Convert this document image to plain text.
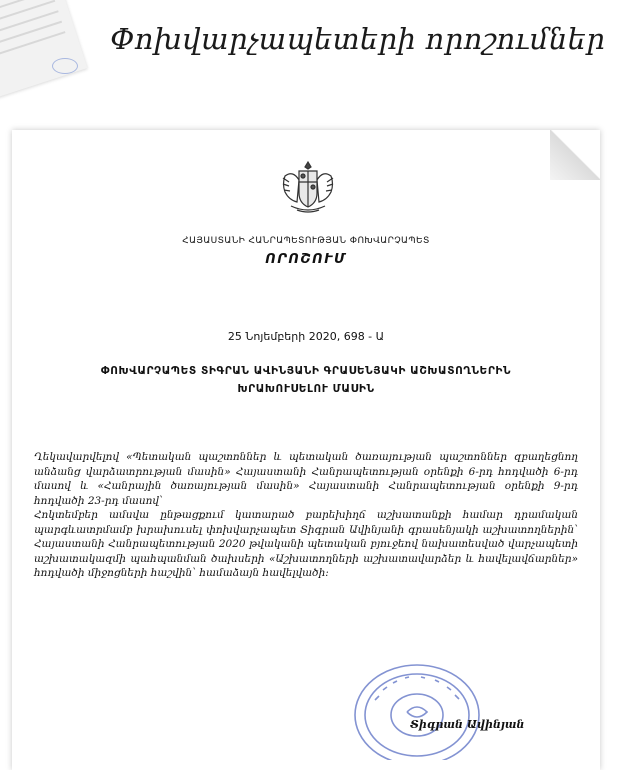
Փոխվարչապետերի որոշումներ
ՀԱՅԱՍՏԱՆԻ ՀԱՆՐԱՊԵՏՈՒԹՅԱՆ ՓՈԽՎԱՐՉԱՊԵՏ
ՈՐՈՇՈՒՄ
25 Նոյեմբերի 2020, 698 - Ա
ՓՈԽՎԱՐՉԱՊԵՏ ՏԻԳՐԱՆ ԱՎԻՆՅԱՆԻ ԳՐԱՍԵՆՅԱԿԻ ԱՇԽԱՏՈՂՆԵՐԻՆ
ԽՐԱԽՈՒՍԵԼՈՒ ՄԱՍԻՆ

Ղեկավարվելով «Պետական պաշտոններ և պետական ծառայության պաշտոններ զբաղեցնող անձանց վարձատրության մասին» Հայաստանի Հանրապետության օրենքի 6-րդ հոդվածի 6-րդ մասով և «Հանրային ծառայության մասին» Հայաստանի Հանրապետության օրենքի 9-րդ հոդվածի 23-րդ մասով՝

Հոկտեմբեր ամսվա ընթացքում կատարած բարեխիղճ աշխատանքի համար դրամական պարգևատրմամբ խրախուսել փոխվարչապետ Տիգրան Ավինյանի գրասենյակի աշխատողներին՝ Հայաստանի Հանրապետության 2020 թվականի պետական բյուջեով նախատեսված վարչապետի աշխատակազմի պահպանման ծախսերի «Աշխատողների աշխատավարձեր և հավելավճարներ» հոդվածի միջոցների հաշվին՝ համաձայն հավելվածի:

Տիգրան Ավինյան
